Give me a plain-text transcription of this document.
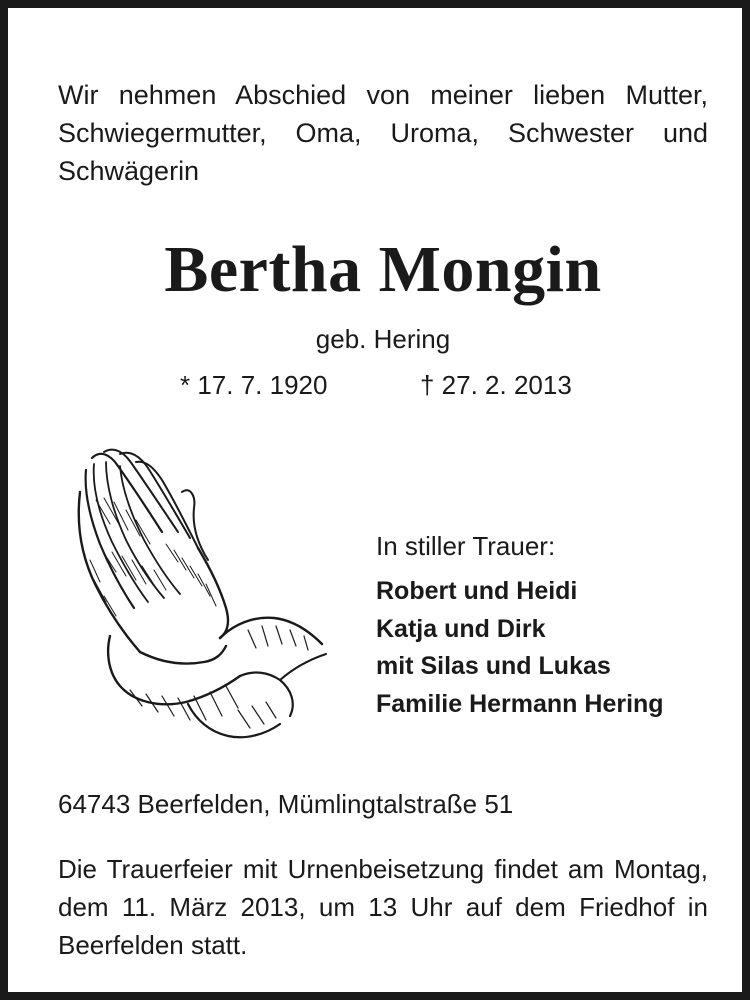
Wir nehmen Abschied von meiner lieben Mutter,
Schwiegermutter, Oma, Uroma, Schwester und
Schwägerin
Bertha Mongin
geb. Hering
* 17. 7. 1920	† 27. 2. 2013
In stiller Trauer:
Robert und Heidi
Katja und Dirk
mit Silas und Lukas
Familie Hermann Hering
64743 Beerfelden, Mümlingtalstraße 51
Die Trauerfeier mit Urnenbeisetzung findet am Montag,
dem 11. März 2013, um 13 Uhr auf dem Friedhof in
Beerfelden statt.
